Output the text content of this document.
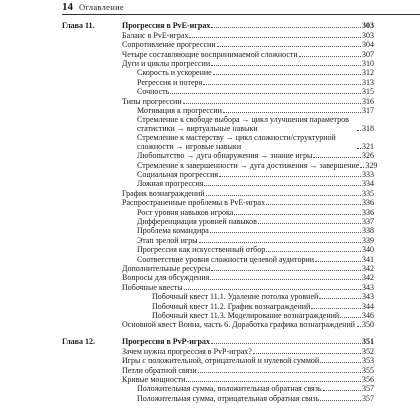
14 Оглавление
Глава 11.	Прогрессия в PvE-играх	303
Баланс в PvE-играх	303
Сопротивление прогрессии	304
Четыре составляющие воспринимаемой сложности	307
Дуги и циклы прогрессии	310
Скорость и ускорение	312
Регрессия и потеря	313
Сочность	315
Типы прогрессии	316
Мотивация к прогрессии	317
Стремление к свободе выбора → цикл улучшения параметров статистики → виртуальные навыки	318
Стремление к мастерству → цикл сложности/структурной сложности → игровые навыки	321
Любопытство → дуга обнаружения → знание игры	326
Стремление к завершенности → дуга достижения → завершение 329
Социальная прогрессия	333
Ложная прогрессия	334
График вознаграждений	335
Распространенные проблемы в PvE-играх	336
Рост уровня навыков игрока	336
Дифференциация уровней навыков	337
Проблема командира	338
Этап зрелой игры	339
Прогрессия как искусственный отбор	340
Соответствие уровня сложности целевой аудитории	341
Дополнительные ресурсы	342
Вопросы для обсуждения	342
Побочные квесты	343
Побочный квест 11.1. Удаление потолка уровней	343
Побочный квест 11.2. График вознаграждений	344
Побочный квест 11.3. Моделирование вознаграждений	346
Основной квест Воина, часть 6. Доработка графика вознаграждений 350
Глава 12.	Прогрессия в PvP-играх	351
Зачем нужна прогрессия в PvP-играх?	352
Игры с положительной, отрицательной и нулевой суммой	353
Петли обратной связи	355
Кривые мощности	356
Положительная сумма, положительная обратная связь	357
Положительная сумма, отрицательная обратная связь	357
